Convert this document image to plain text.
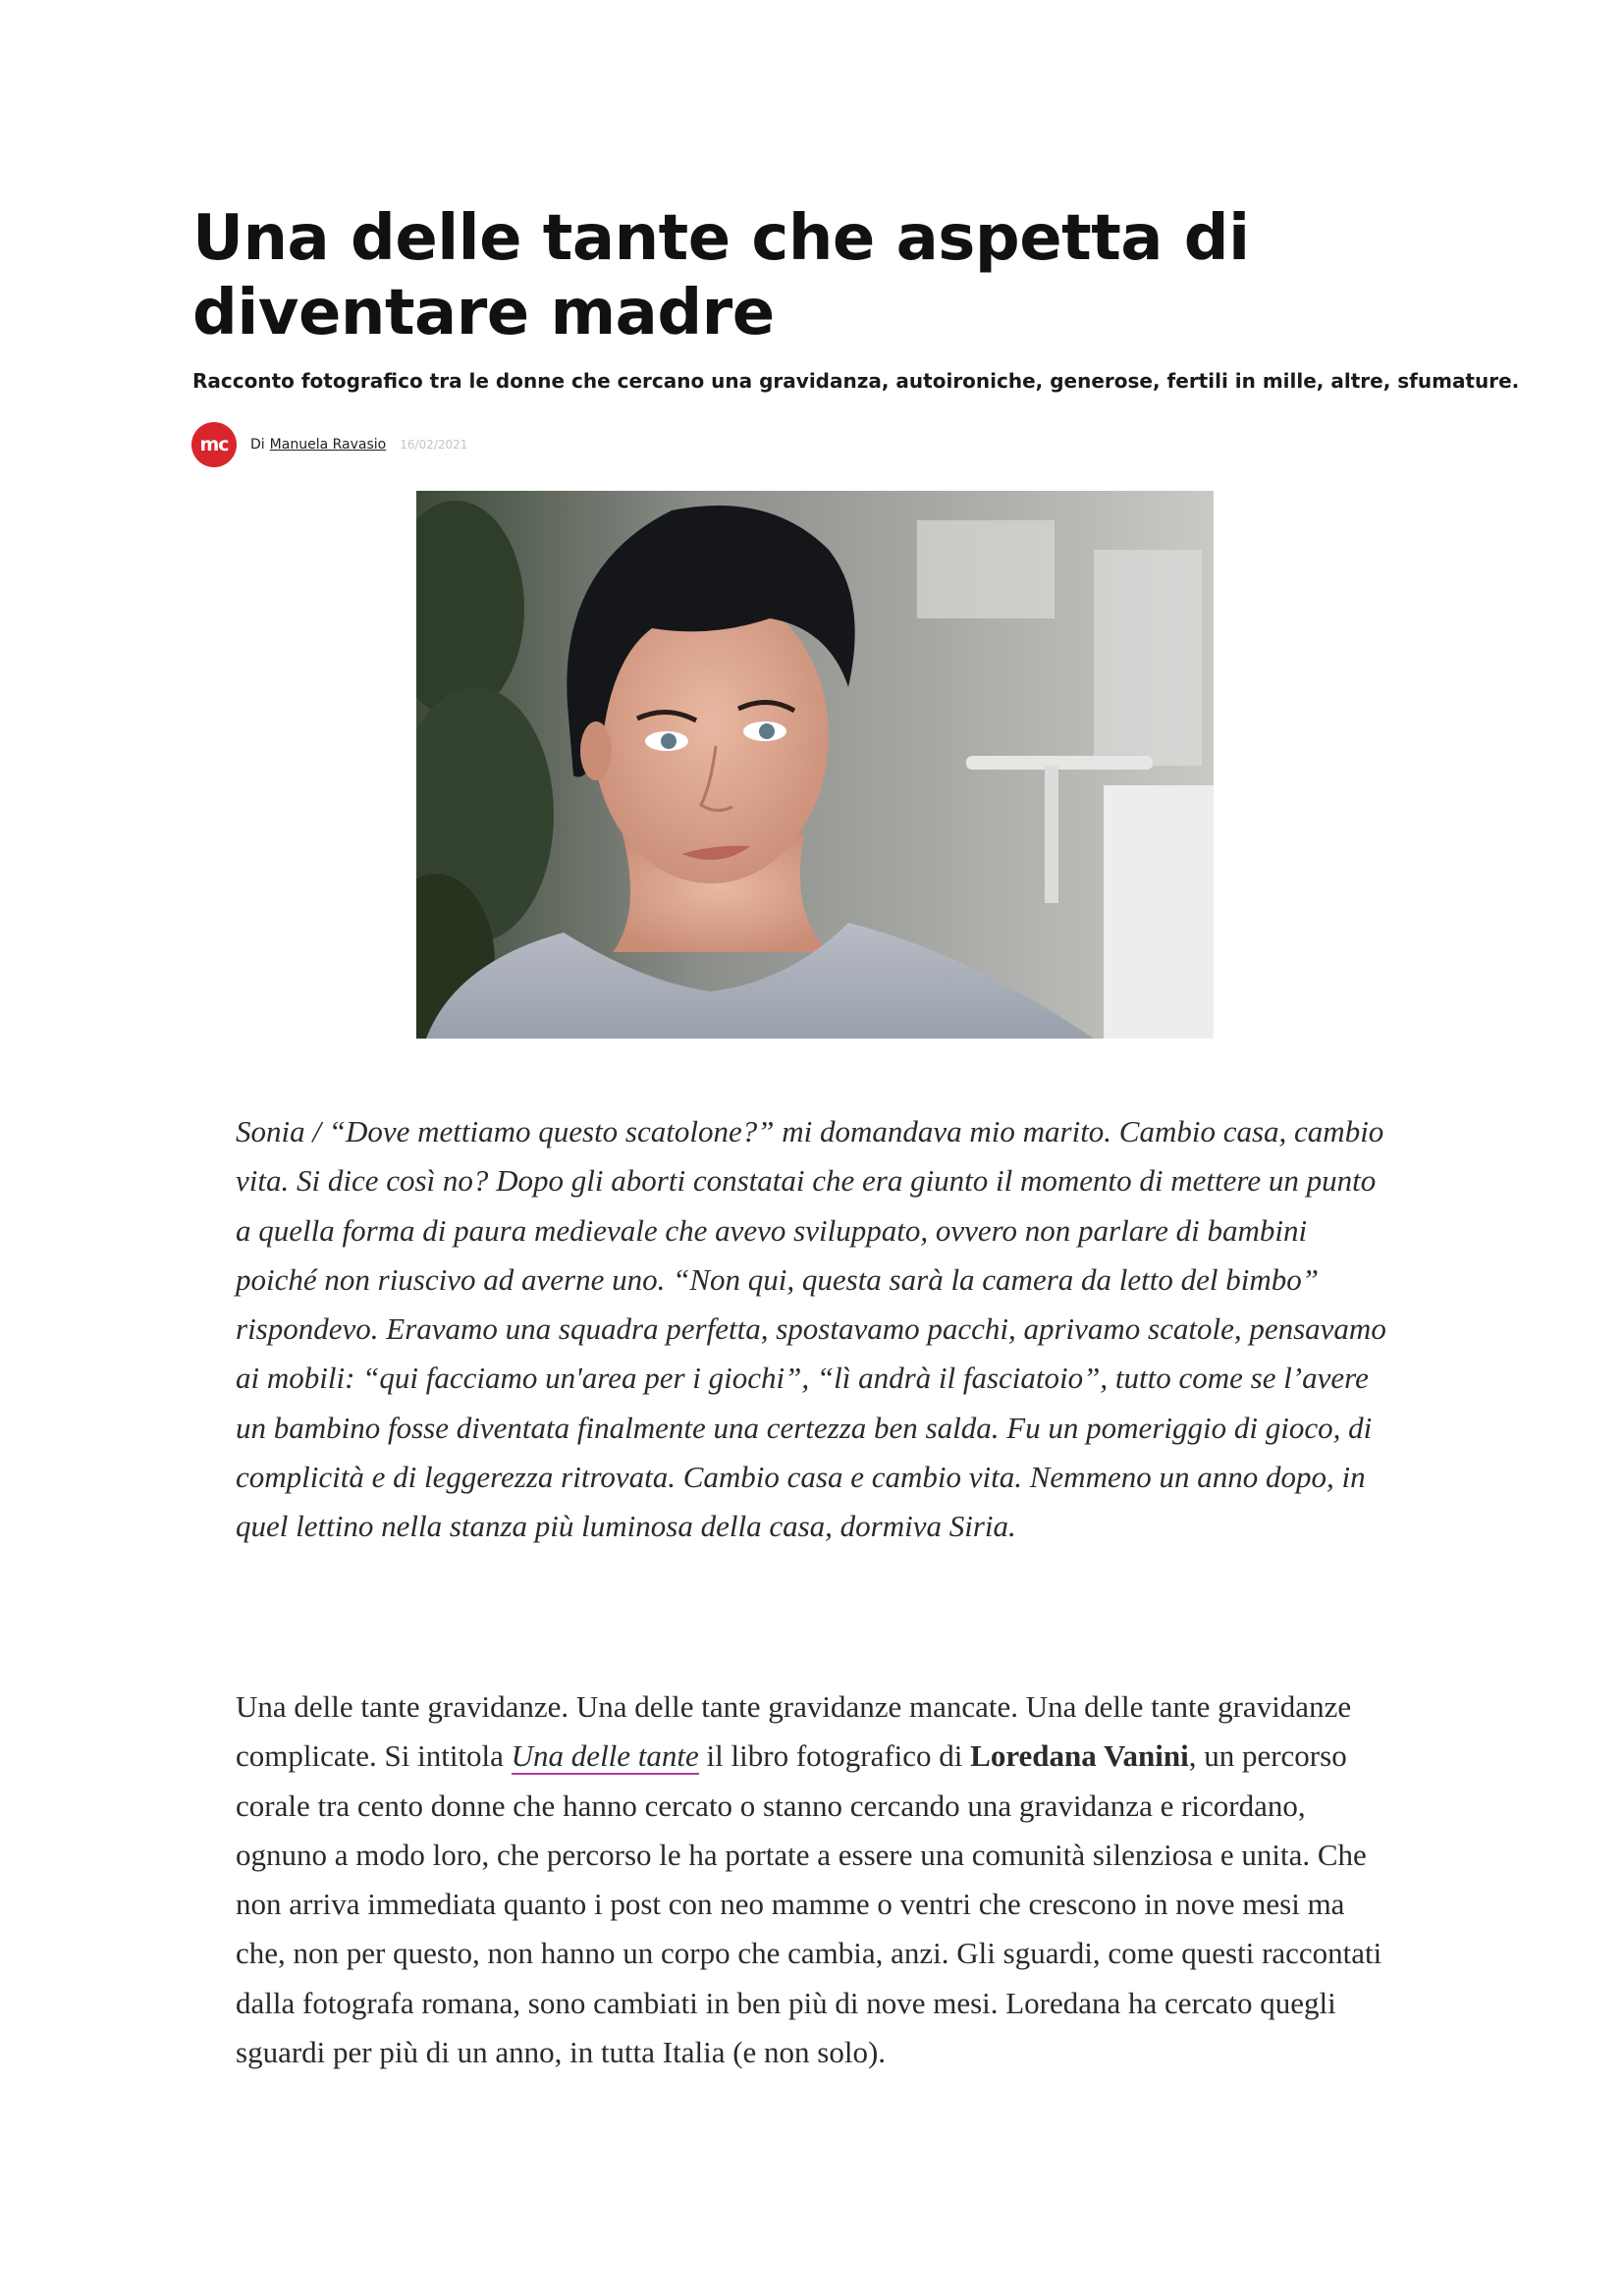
Una delle tante che aspetta di diventare madre

Racconto fotografico tra le donne che cercano una gravidanza, autoironiche, generose, fertili in mille, altre, sfumature.

mc	Di Manuela Ravasio 16/02/2021

Sonia / “Dove mettiamo questo scatolone?” mi domandava mio marito. Cambio casa, cambio vita. Si dice così no? Dopo gli aborti constatai che era giunto il momento di mettere un punto a quella forma di paura medievale che avevo sviluppato, ovvero non parlare di bambini poiché non riuscivo ad averne uno. “Non qui, questa sarà la camera da letto del bimbo” rispondevo. Eravamo una squadra perfetta, spostavamo pacchi, aprivamo scatole, pensavamo ai mobili: “qui facciamo un'area per i giochi”, “lì andrà il fasciatoio”, tutto come se l’avere un bambino fosse diventata finalmente una certezza ben salda. Fu un pomeriggio di gioco, di complicità e di leggerezza ritrovata. Cambio casa e cambio vita. Nemmeno un anno dopo, in quel lettino nella stanza più luminosa della casa, dormiva Siria.

Una delle tante gravidanze. Una delle tante gravidanze mancate. Una delle tante gravidanze complicate. Si intitola Una delle tante il libro fotografico di Loredana Vanini, un percorso corale tra cento donne che hanno cercato o stanno cercando una gravidanza e ricordano, ognuno a modo loro, che percorso le ha portate a essere una comunità silenziosa e unita. Che non arriva immediata quanto i post con neo mamme o ventri che crescono in nove mesi ma che, non per questo, non hanno un corpo che cambia, anzi. Gli sguardi, come questi raccontati dalla fotografa romana, sono cambiati in ben più di nove mesi. Loredana ha cercato quegli sguardi per più di un anno, in tutta Italia (e non solo).
